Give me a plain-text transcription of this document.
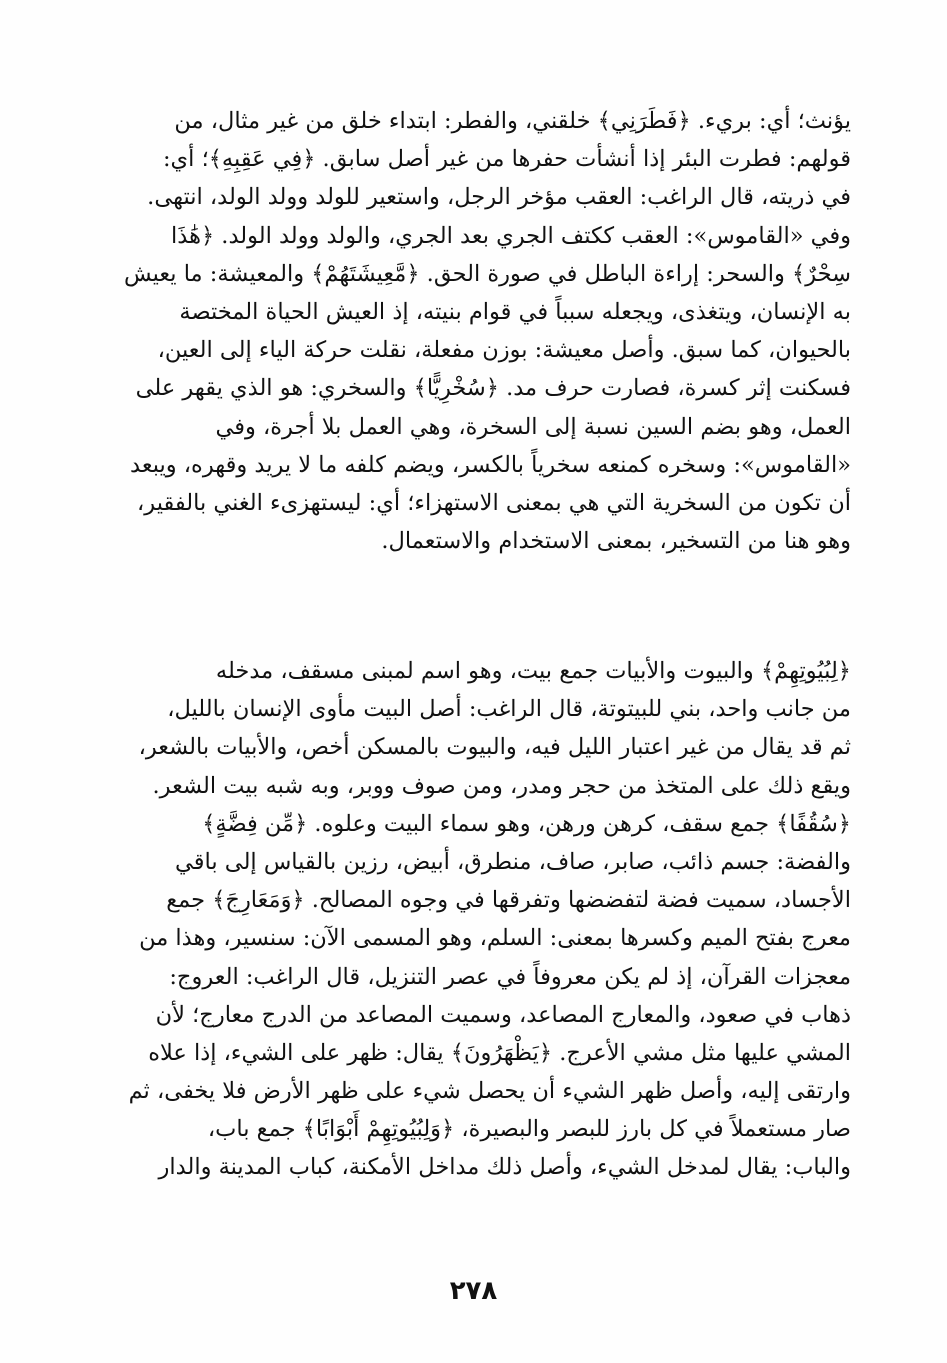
يؤنث؛ أي: بريء. ﴿فَطَرَنِي﴾ خلقني، والفطر: ابتداء خلق من غير مثال، من
قولهم: فطرت البئر إذا أنشأت حفرها من غير أصل سابق. ﴿فِي عَقِبِهِ﴾؛ أي:
في ذريته، قال الراغب: العقب مؤخر الرجل، واستعير للولد وولد الولد، انتهى.
وفي «القاموس»: العقب ككتف الجري بعد الجري، والولد وولد الولد. ﴿هَٰذَا
سِحْرٌ﴾ والسحر: إراءة الباطل في صورة الحق. ﴿مَّعِيشَتَهُمْ﴾ والمعيشة: ما يعيش
به الإنسان، ويتغذى، ويجعله سبباً في قوام بنيته، إذ العيش الحياة المختصة
بالحيوان، كما سبق. وأصل معيشة: بوزن مفعلة، نقلت حركة الياء إلى العين،
فسكنت إثر كسرة، فصارت حرف مد. ﴿سُخْرِيًّا﴾ والسخري: هو الذي يقهر على
العمل، وهو بضم السين نسبة إلى السخرة، وهي العمل بلا أجرة، وفي
«القاموس»: وسخره كمنعه سخرياً بالكسر، ويضم كلفه ما لا يريد وقهره، ويبعد
أن تكون من السخرية التي هي بمعنى الاستهزاء؛ أي: ليستهزىء الغني بالفقير،
وهو هنا من التسخير، بمعنى الاستخدام والاستعمال.
﴿لِبُيُوتِهِمْ﴾ والبيوت والأبيات جمع بيت، وهو اسم لمبنى مسقف، مدخله
من جانب واحد، بني للبيتوتة، قال الراغب: أصل البيت مأوى الإنسان بالليل،
ثم قد يقال من غير اعتبار الليل فيه، والبيوت بالمسكن أخص، والأبيات بالشعر،
ويقع ذلك على المتخذ من حجر ومدر، ومن صوف ووبر، وبه شبه بيت الشعر.
﴿سُقُفًا﴾ جمع سقف، كرهن ورهن، وهو سماء البيت وعلوه. ﴿مِّن فِضَّةٍ﴾
والفضة: جسم ذائب، صابر، صاف، منطرق، أبيض، رزين بالقياس إلى باقي
الأجساد، سميت فضة لتفضضها وتفرقها في وجوه المصالح. ﴿وَمَعَارِجَ﴾ جمع
معرج بفتح الميم وكسرها بمعنى: السلم، وهو المسمى الآن: سنسير، وهذا من
معجزات القرآن، إذ لم يكن معروفاً في عصر التنزيل، قال الراغب: العروج:
ذهاب في صعود، والمعارج المصاعد، وسميت المصاعد من الدرج معارج؛ لأن
المشي عليها مثل مشي الأعرج. ﴿يَظْهَرُونَ﴾ يقال: ظهر على الشيء، إذا علاه
وارتقى إليه، وأصل ظهر الشيء أن يحصل شيء على ظهر الأرض فلا يخفى، ثم
صار مستعملاً في كل بارز للبصر والبصيرة، ﴿وَلِبُيُوتِهِمْ أَبْوَابًا﴾ جمع باب،
والباب: يقال لمدخل الشيء، وأصل ذلك مداخل الأمكنة، كباب المدينة والدار
٢٧٨
